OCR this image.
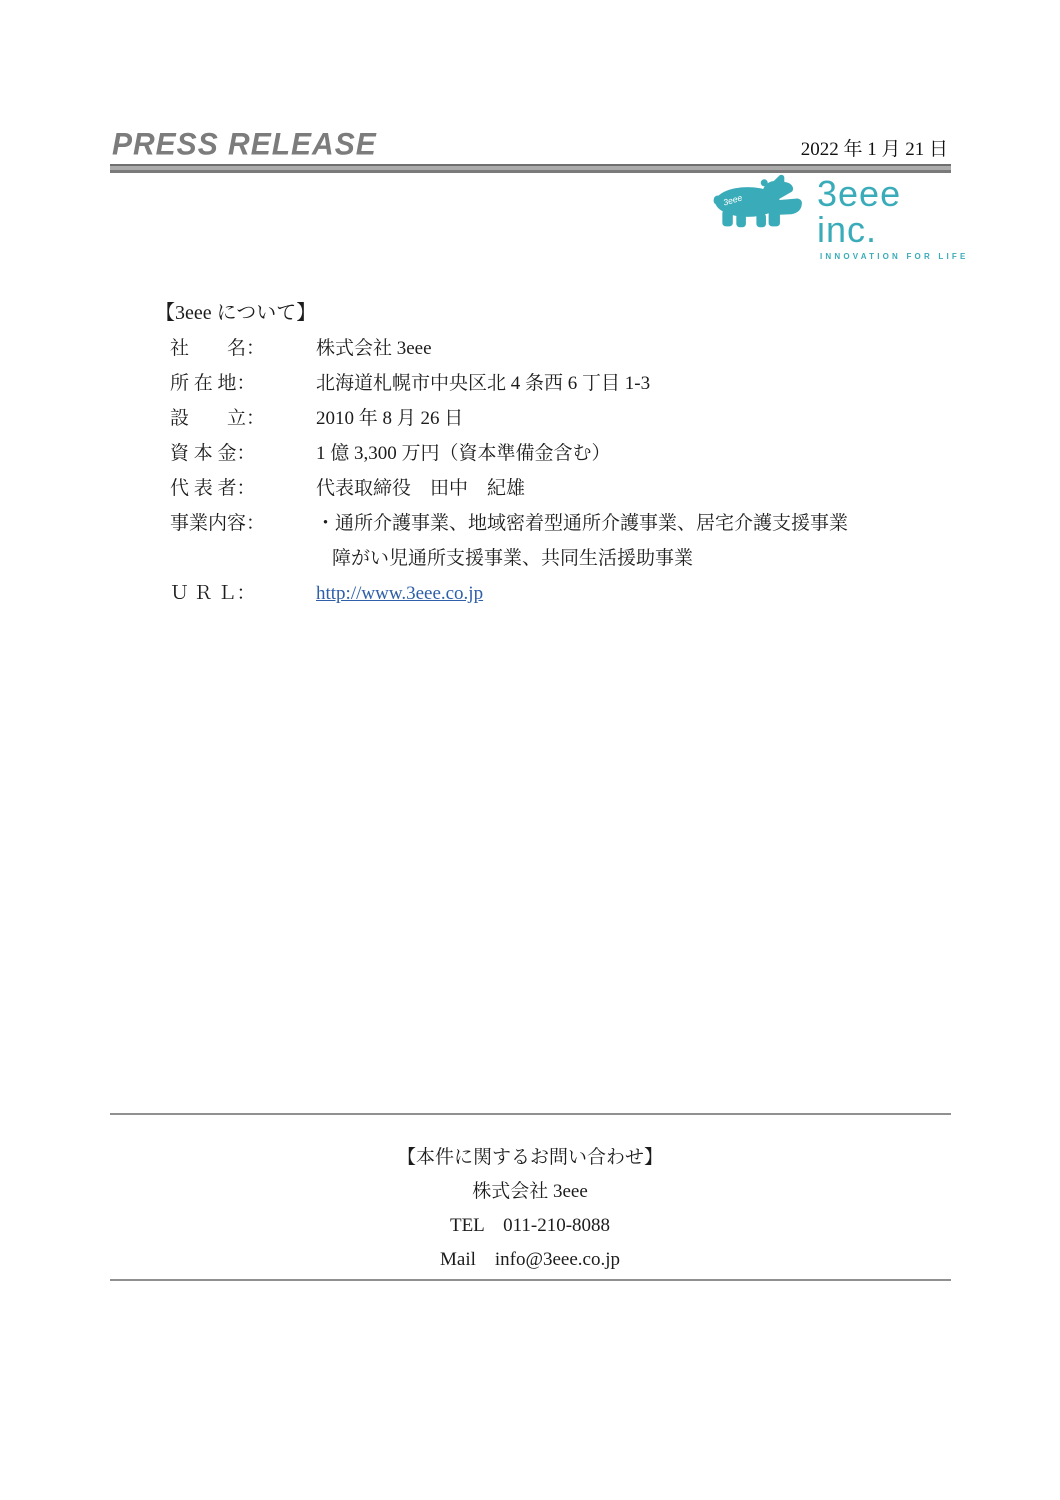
PRESS RELEASE	2022 年 1 月 21 日
3eee 3eee inc.
INNOVATION FOR LIFE
【3eee について】
社　　名：	株式会社 3eee
所 在 地：	北海道札幌市中央区北 4 条西 6 丁目 1-3
設　　立：	2010 年 8 月 26 日
資 本 金：	1 億 3,300 万円（資本準備金含む）
代 表 者：	代表取締役　田中　紀雄
事業内容：	・通所介護事業、地域密着型通所介護事業、居宅介護支援事業
障がい児通所支援事業、共同生活援助事業
Ｕ Ｒ Ｌ：	http://www.3eee.co.jp
【本件に関するお問い合わせ】
株式会社 3eee
TEL　011-210-8088
Mail　info@3eee.co.jp
